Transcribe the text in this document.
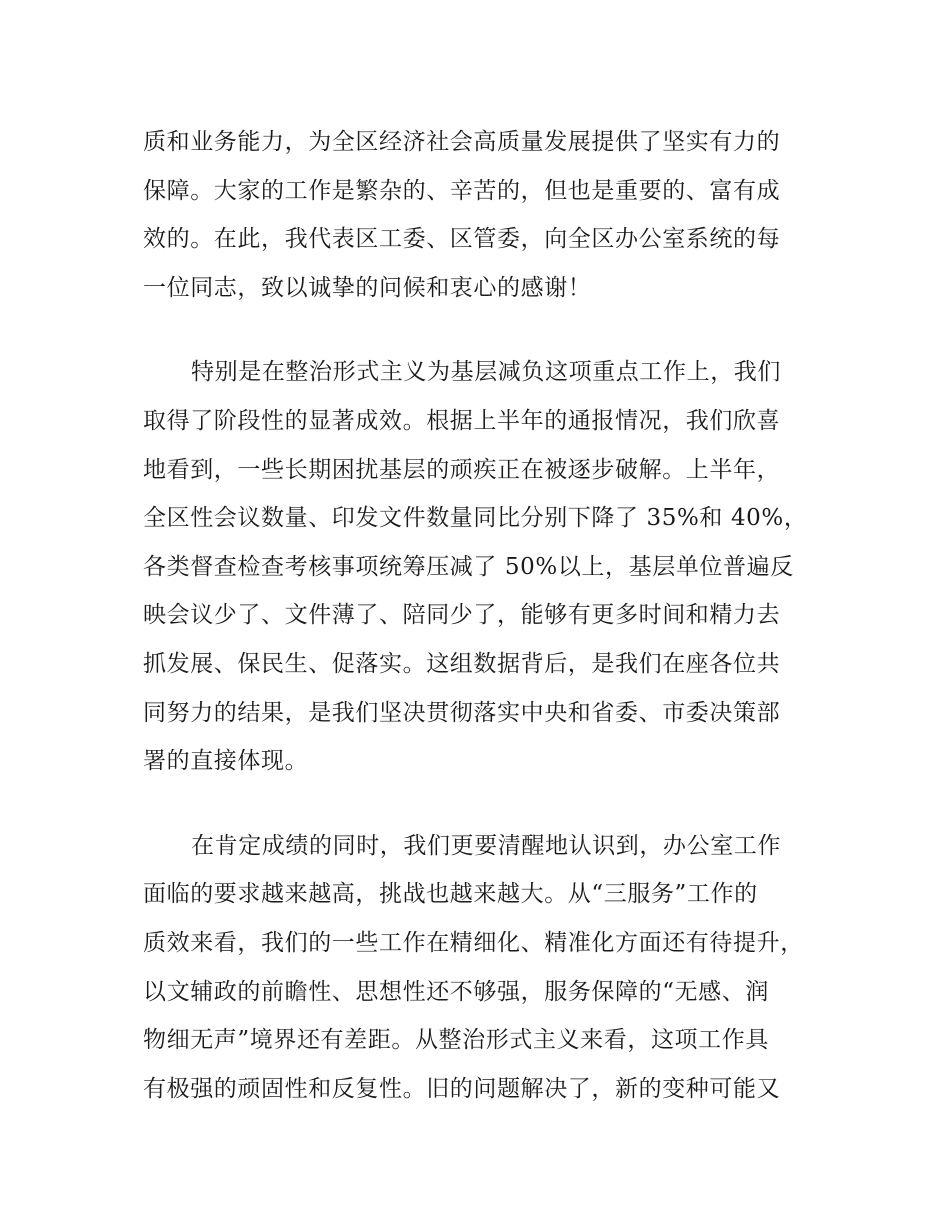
质和业务能力，为全区经济社会高质量发展提供了坚实有力的
保障。大家的工作是繁杂的、辛苦的，但也是重要的、富有成
效的。在此，我代表区工委、区管委，向全区办公室系统的每
一位同志，致以诚挚的问候和衷心的感谢！
特别是在整治形式主义为基层减负这项重点工作上，我们
取得了阶段性的显著成效。根据上半年的通报情况，我们欣喜
地看到，一些长期困扰基层的顽疾正在被逐步破解。上半年，
全区性会议数量、印发文件数量同比分别下降了 35%和 40%，
各类督查检查考核事项统筹压减了 50%以上，基层单位普遍反
映会议少了、文件薄了、陪同少了，能够有更多时间和精力去
抓发展、保民生、促落实。这组数据背后，是我们在座各位共
同努力的结果，是我们坚决贯彻落实中央和省委、市委决策部
署的直接体现。
在肯定成绩的同时，我们更要清醒地认识到，办公室工作
面临的要求越来越高，挑战也越来越大。从“三服务”工作的
质效来看，我们的一些工作在精细化、精准化方面还有待提升，
以文辅政的前瞻性、思想性还不够强，服务保障的“无感、润
物细无声”境界还有差距。从整治形式主义来看，这项工作具
有极强的顽固性和反复性。旧的问题解决了，新的变种可能又
